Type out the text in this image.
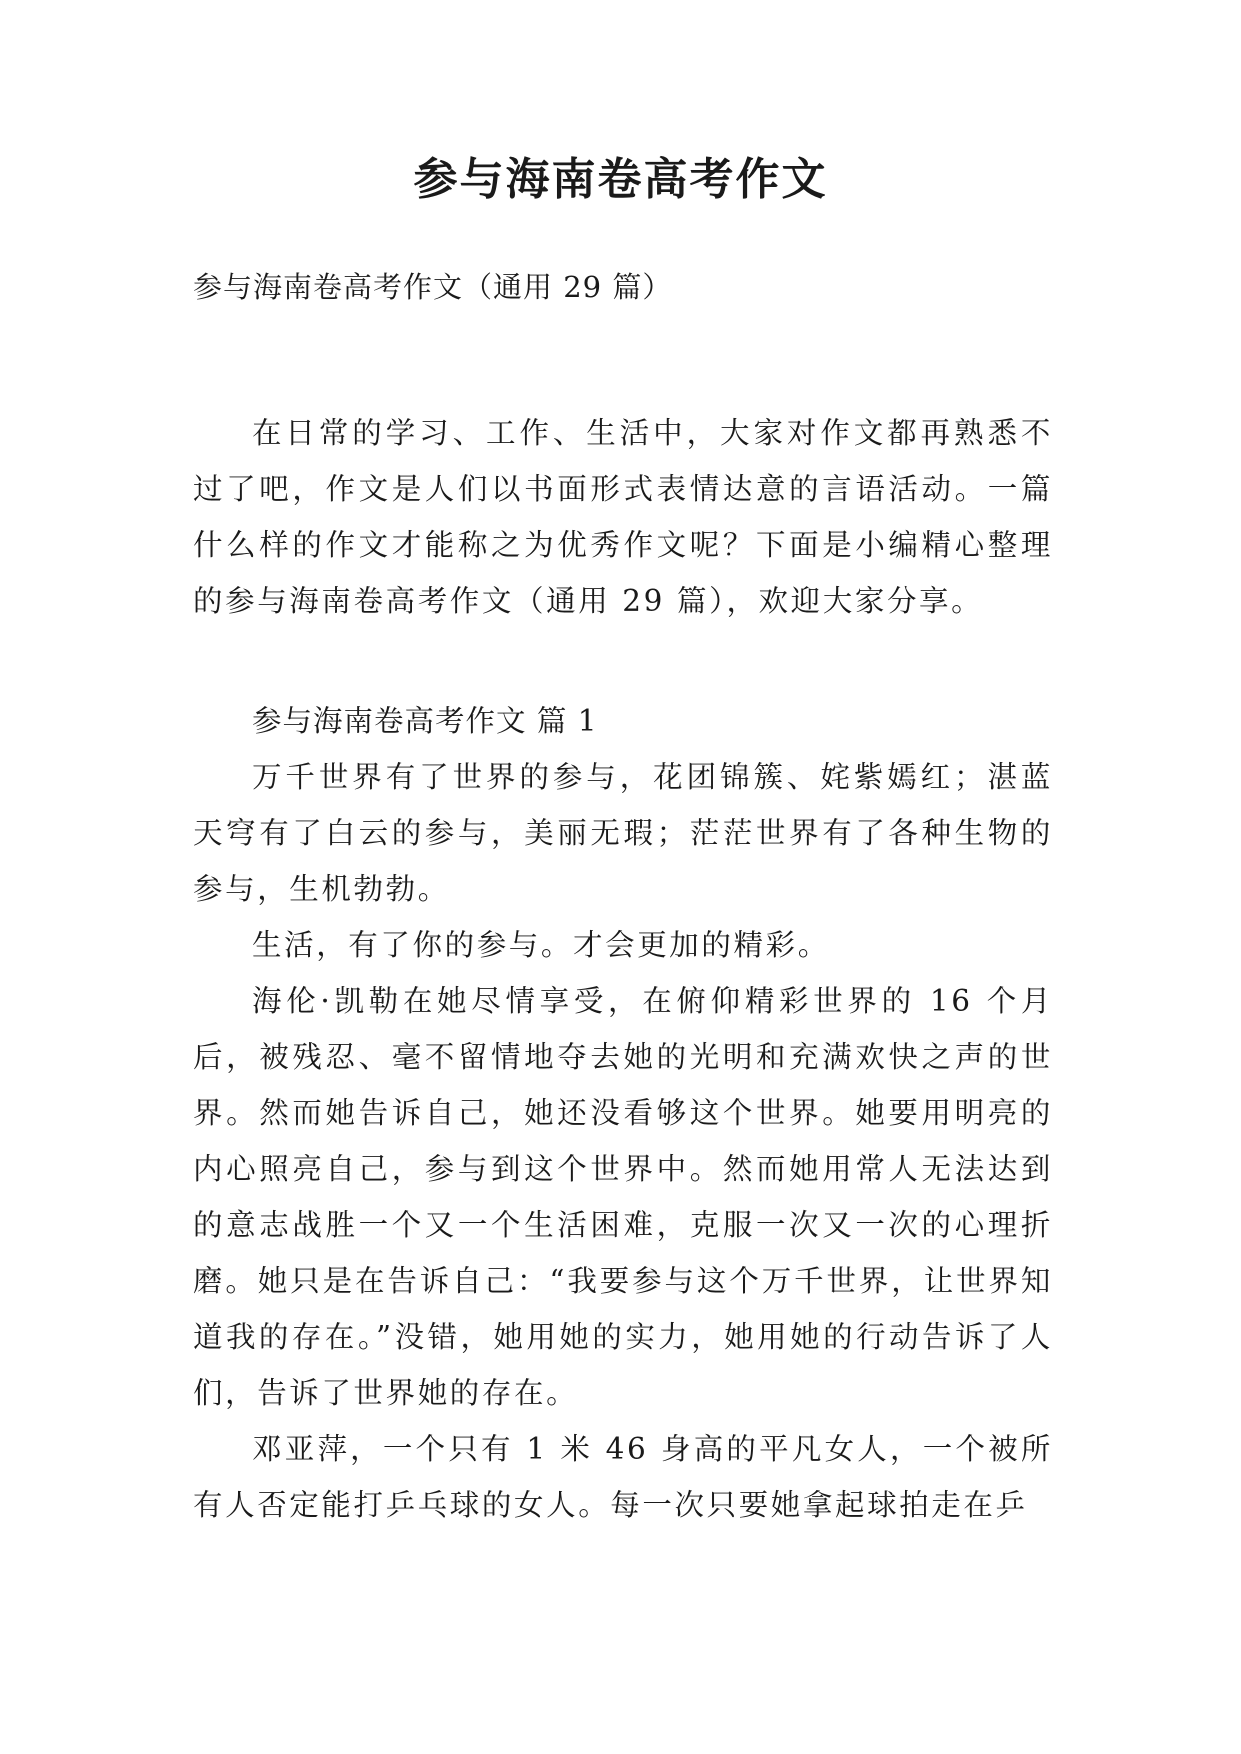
参与海南卷高考作文

参与海南卷高考作文（通用 29 篇）

在日常的学习、工作、生活中，大家对作文都再熟悉不过了吧，作文是人们以书面形式表情达意的言语活动。一篇什么样的作文才能称之为优秀作文呢？下面是小编精心整理的参与海南卷高考作文（通用 29 篇），欢迎大家分享。

参与海南卷高考作文 篇 1

万千世界有了世界的参与，花团锦簇、姹紫嫣红；湛蓝天穹有了白云的参与，美丽无瑕；茫茫世界有了各种生物的参与，生机勃勃。

生活，有了你的参与。才会更加的精彩。

海伦·凯勒在她尽情享受，在俯仰精彩世界的 16 个月后，被残忍、毫不留情地夺去她的光明和充满欢快之声的世界。然而她告诉自己，她还没看够这个世界。她要用明亮的内心照亮自己，参与到这个世界中。然而她用常人无法达到的意志战胜一个又一个生活困难，克服一次又一次的心理折磨。她只是在告诉自己：“我要参与这个万千世界，让世界知道我的存在。”没错，她用她的实力，她用她的行动告诉了人们，告诉了世界她的存在。

邓亚萍，一个只有 1 米 46 身高的平凡女人，一个被所有人否定能打乒乓球的女人。每一次只要她拿起球拍走在乒
